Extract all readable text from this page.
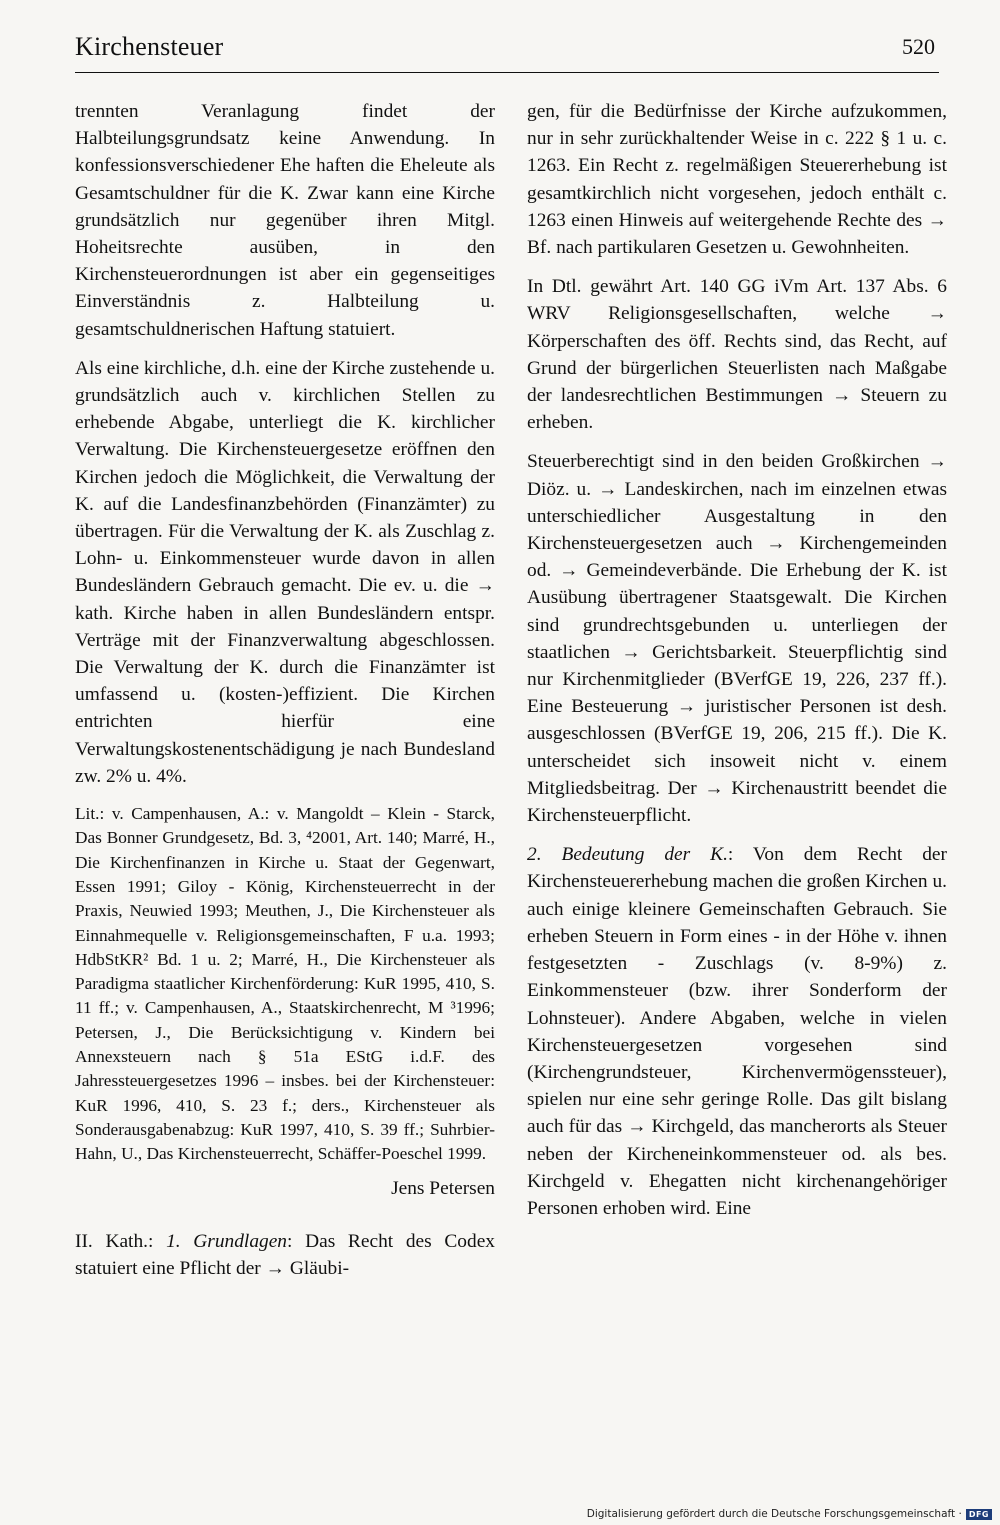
Kirchensteuer	520

trennten Veranlagung findet der Halbteilungsgrundsatz keine Anwendung. In konfessionsverschiedener Ehe haften die Eheleute als Gesamtschuldner für die K. Zwar kann eine Kirche grundsätzlich nur gegenüber ihren Mitgl. Hoheitsrechte ausüben, in den Kirchensteuerordnungen ist aber ein gegenseitiges Einverständnis z. Halbteilung u. gesamtschuldnerischen Haftung statuiert.

Als eine kirchliche, d.h. eine der Kirche zustehende u. grundsätzlich auch v. kirchlichen Stellen zu erhebende Abgabe, unterliegt die K. kirchlicher Verwaltung. Die Kirchensteuergesetze eröffnen den Kirchen jedoch die Möglichkeit, die Verwaltung der K. auf die Landesfinanzbehörden (Finanzämter) zu übertragen. Für die Verwaltung der K. als Zuschlag z. Lohn- u. Einkommensteuer wurde davon in allen Bundesländern Gebrauch gemacht. Die ev. u. die → kath. Kirche haben in allen Bundesländern entspr. Verträge mit der Finanzverwaltung abgeschlossen. Die Verwaltung der K. durch die Finanzämter ist umfassend u. (kosten-)effizient. Die Kirchen entrichten hierfür eine Verwaltungskostenentschädigung je nach Bundesland zw. 2% u. 4%.

Lit.: v. Campenhausen, A.: v. Mangoldt – Klein - Starck, Das Bonner Grundgesetz, Bd. 3, ⁴2001, Art. 140; Marré, H., Die Kirchenfinanzen in Kirche u. Staat der Gegenwart, Essen 1991; Giloy - König, Kirchensteuerrecht in der Praxis, Neuwied 1993; Meuthen, J., Die Kirchensteuer als Einnahmequelle v. Religionsgemeinschaften, F u.a. 1993; HdbStKR² Bd. 1 u. 2; Marré, H., Die Kirchensteuer als Paradigma staatlicher Kirchenförderung: KuR 1995, 410, S. 11 ff.; v. Campenhausen, A., Staatskirchenrecht, M ³1996; Petersen, J., Die Berücksichtigung v. Kindern bei Annexsteuern nach § 51a EStG i.d.F. des Jahressteuergesetzes 1996 – insbes. bei der Kirchensteuer: KuR 1996, 410, S. 23 f.; ders., Kirchensteuer als Sonderausgabenabzug: KuR 1997, 410, S. 39 ff.; Suhrbier-Hahn, U., Das Kirchensteuerrecht, Schäffer-Poeschel 1999.

Jens Petersen

II. Kath.: 1. Grundlagen: Das Recht des Codex statuiert eine Pflicht der → Gläubi-

gen, für die Bedürfnisse der Kirche aufzukommen, nur in sehr zurückhaltender Weise in c. 222 § 1 u. c. 1263. Ein Recht z. regelmäßigen Steuererhebung ist gesamtkirchlich nicht vorgesehen, jedoch enthält c. 1263 einen Hinweis auf weitergehende Rechte des → Bf. nach partikularen Gesetzen u. Gewohnheiten.

In Dtl. gewährt Art. 140 GG iVm Art. 137 Abs. 6 WRV Religionsgesellschaften, welche → Körperschaften des öff. Rechts sind, das Recht, auf Grund der bürgerlichen Steuerlisten nach Maßgabe der landesrechtlichen Bestimmungen → Steuern zu erheben.

Steuerberechtigt sind in den beiden Großkirchen → Diöz. u. → Landeskirchen, nach im einzelnen etwas unterschiedlicher Ausgestaltung in den Kirchensteuergesetzen auch → Kirchengemeinden od. → Gemeindeverbände. Die Erhebung der K. ist Ausübung übertragener Staatsgewalt. Die Kirchen sind grundrechtsgebunden u. unterliegen der staatlichen → Gerichtsbarkeit. Steuerpflichtig sind nur Kirchenmitglieder (BVerfGE 19, 226, 237 ff.). Eine Besteuerung → juristischer Personen ist desh. ausgeschlossen (BVerfGE 19, 206, 215 ff.). Die K. unterscheidet sich insoweit nicht v. einem Mitgliedsbeitrag. Der → Kirchenaustritt beendet die Kirchensteuerpflicht.

2. Bedeutung der K.: Von dem Recht der Kirchensteuererhebung machen die großen Kirchen u. auch einige kleinere Gemeinschaften Gebrauch. Sie erheben Steuern in Form eines - in der Höhe v. ihnen festgesetzten - Zuschlags (v. 8-9%) z. Einkommensteuer (bzw. ihrer Sonderform der Lohnsteuer). Andere Abgaben, welche in vielen Kirchensteuergesetzen vorgesehen sind (Kirchengrundsteuer, Kirchenvermögenssteuer), spielen nur eine sehr geringe Rolle. Das gilt bislang auch für das → Kirchgeld, das mancherorts als Steuer neben der Kircheneinkommensteuer od. als bes. Kirchgeld v. Ehegatten nicht kirchenangehöriger Personen erhoben wird. Eine

Digitalisierung gefördert durch die Deutsche Forschungsgemeinschaft · DFG
